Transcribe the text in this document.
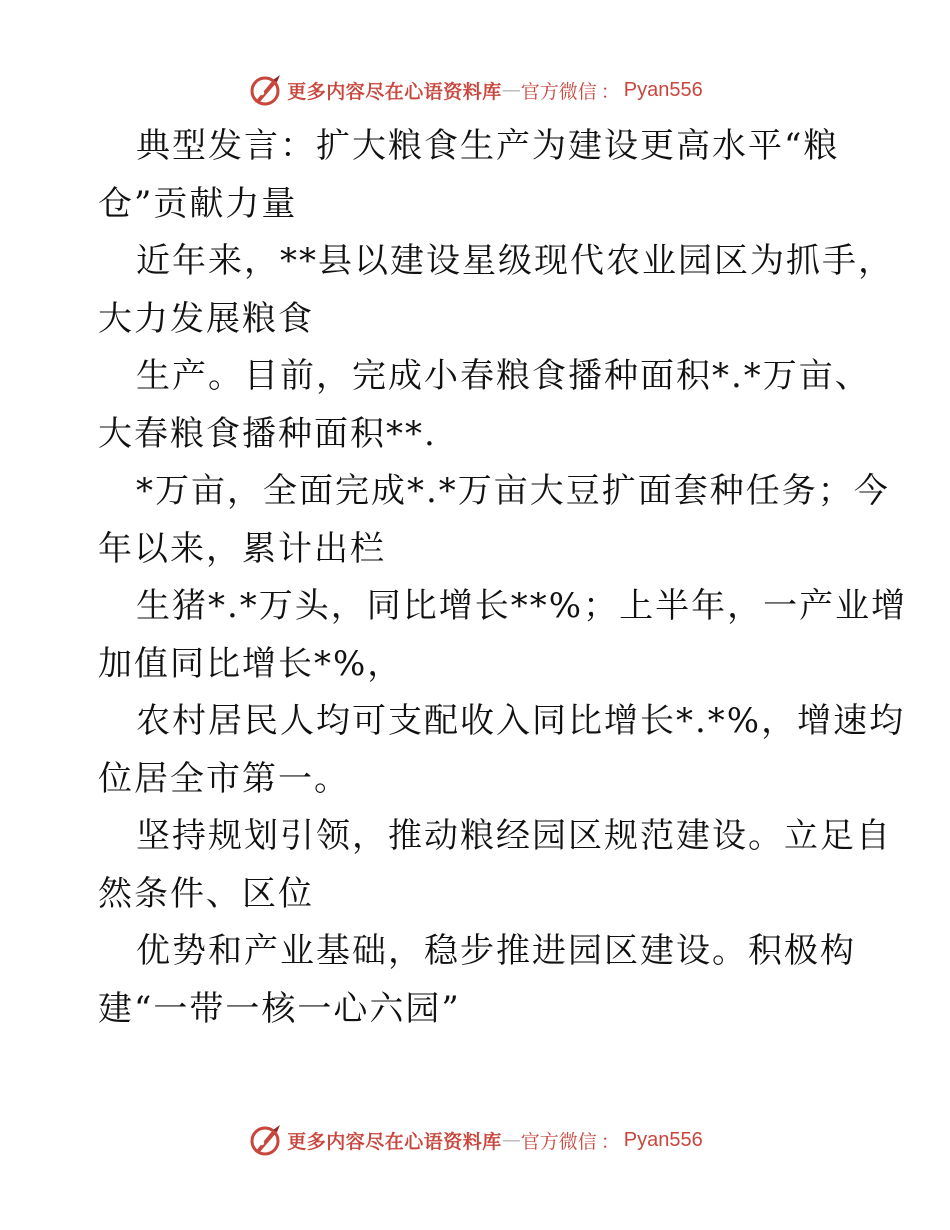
更多内容尽在心语资料库 — 官方微信 ： Pyan556
典型发言：扩大粮食生产为建设更高水平“粮
仓”贡献力量
近年来，**县以建设星级现代农业园区为抓手，
大力发展粮食
生产。目前，完成小春粮食播种面积*.*万亩、
大春粮食播种面积**.
*万亩，全面完成*.*万亩大豆扩面套种任务；今
年以来，累计出栏
生猪*.*万头，同比增长**%；上半年，一产业增
加值同比增长*%，
农村居民人均可支配收入同比增长*.*%，增速均
位居全市第一。
坚持规划引领，推动粮经园区规范建设。立足自
然条件、区位
优势和产业基础，稳步推进园区建设。积极构
建“一带一核一心六园”
更多内容尽在心语资料库 — 官方微信 ： Pyan556
